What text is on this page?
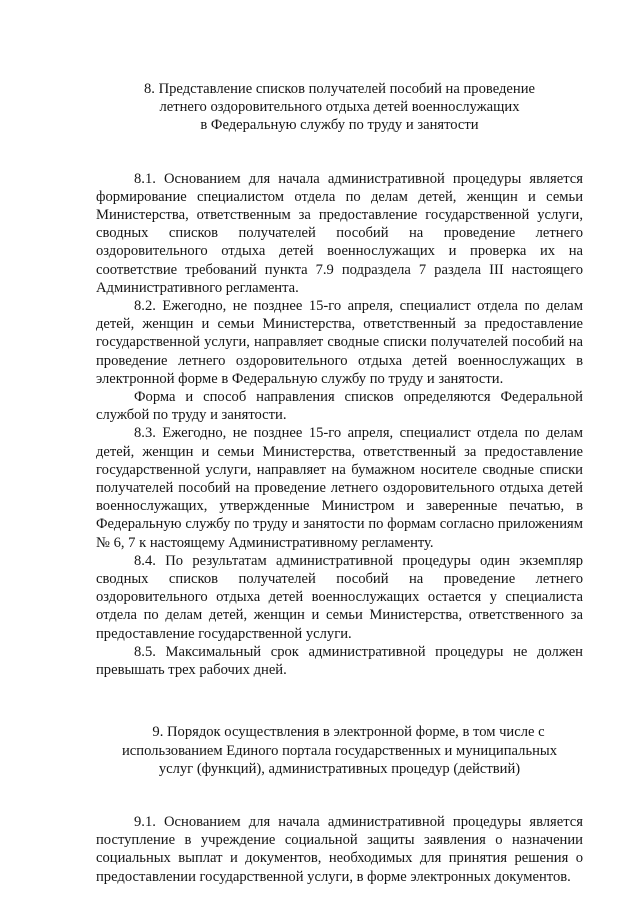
8. Представление списков получателей пособий на проведение
летнего оздоровительного отдыха детей военнослужащих
в Федеральную службу по труду и занятости

8.1. Основанием для начала административной процедуры является формирование специалистом отдела по делам детей, женщин и семьи Министерства, ответственным за предоставление государственной услуги, сводных списков получателей пособий на проведение летнего оздоровительного отдыха детей военнослужащих и проверка их на соответствие требований пункта 7.9 подраздела 7 раздела III настоящего Административного регламента.

8.2. Ежегодно, не позднее 15-го апреля, специалист отдела по делам детей, женщин и семьи Министерства, ответственный за предоставление государственной услуги, направляет сводные списки получателей пособий на проведение летнего оздоровительного отдыха детей военнослужащих в электронной форме в Федеральную службу по труду и занятости.

Форма и способ направления списков определяются Федеральной службой по труду и занятости.

8.3. Ежегодно, не позднее 15-го апреля, специалист отдела по делам детей, женщин и семьи Министерства, ответственный за предоставление государственной услуги, направляет на бумажном носителе сводные списки получателей пособий на проведение летнего оздоровительного отдыха детей военнослужащих, утвержденные Министром и заверенные печатью, в Федеральную службу по труду и занятости по формам согласно приложениям № 6, 7 к настоящему Административному регламенту.

8.4. По результатам административной процедуры один экземпляр сводных списков получателей пособий на проведение летнего оздоровительного отдыха детей военнослужащих остается у специалиста отдела по делам детей, женщин и семьи Министерства, ответственного за предоставление государственной услуги.

8.5. Максимальный срок административной процедуры не должен превышать трех рабочих дней.

9. Порядок осуществления в электронной форме, в том числе с
использованием Единого портала государственных и муниципальных
услуг (функций), административных процедур (действий)

9.1. Основанием для начала административной процедуры является поступление в учреждение социальной защиты заявления о назначении социальных выплат и документов, необходимых для принятия решения о предоставлении государственной услуги, в форме электронных документов.
